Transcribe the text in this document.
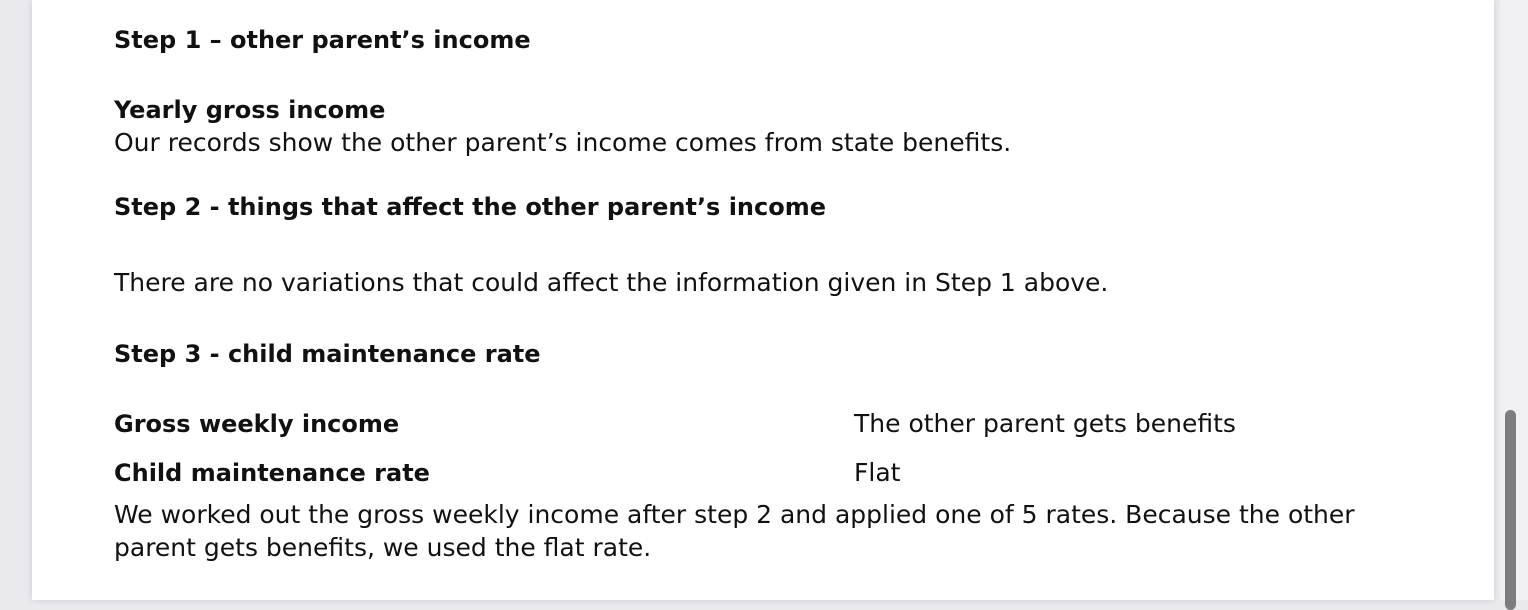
Step 1 – other parent’s income
Yearly gross income
Our records show the other parent’s income comes from state benefits.
Step 2 - things that affect the other parent’s income
There are no variations that could affect the information given in Step 1 above.
Step 3 - child maintenance rate
Gross weekly income	The other parent gets benefits
Child maintenance rate	Flat
We worked out the gross weekly income after step 2 and applied one of 5 rates. Because the other parent gets benefits, we used the flat rate.
